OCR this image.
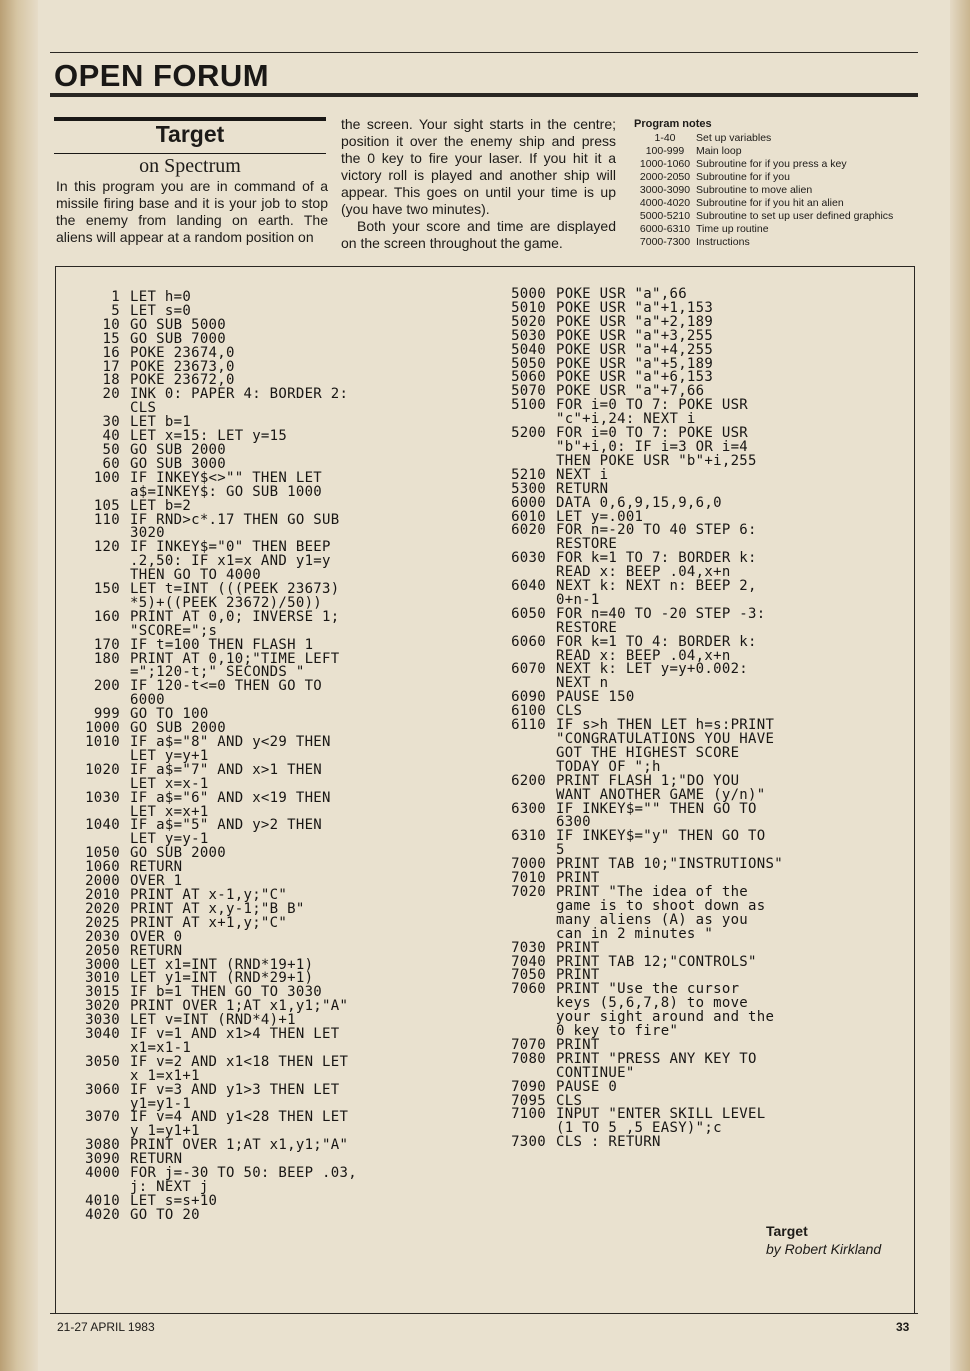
OPEN FORUM
Target
on Spectrum

In this program you are in command of a missile firing base and it is your job to stop the enemy from landing on earth. The aliens will appear at a random position on

the screen. Your sight starts in the centre; position it over the enemy ship and press the 0 key to fire your laser. If you hit it a victory roll is played and another ship will appear. This goes on until your time is up (you have two minutes).

Both your score and time are displayed on the screen throughout the game.

Program notes
1-40	Set up variables
100-999	Main loop
1000-1060 Subroutine for if you press a key
2000-2050 Subroutine for if you
3000-3090 Subroutine to move alien
4000-4020 Subroutine for if you hit an alien
5000-5210 Subroutine to set up user defined graphics
6000-6310 Time up routine
7000-7300 Instructions
1 LET h=0
5 LET s=0
10 GO SUB 5000
15 GO SUB 7000
16 POKE 23674,0
17 POKE 23673,0
18 POKE 23672,0
20 INK 0: PAPER 4: BORDER 2:
CLS
30 LET b=1
40 LET x=15: LET y=15
50 GO SUB 2000
60 GO SUB 3000
100 IF INKEY$<>"" THEN LET
a$=INKEY$: GO SUB 1000
105 LET b=2
110 IF RND>c*.17 THEN GO SUB
3020
120 IF INKEY$="0" THEN BEEP
.2,50: IF x1=x AND y1=y
THEN GO TO 4000
150 LET t=INT (((PEEK 23673)
*5)+((PEEK 23672)/50))
160 PRINT AT 0,0; INVERSE 1;
"SCORE=";s
170 IF t=100 THEN FLASH 1
180 PRINT AT 0,10;"TIME LEFT
=";120-t;" SECONDS "
200 IF 120-t<=0 THEN GO TO
6000
999 GO TO 100
1000 GO SUB 2000
1010 IF a$="8" AND y<29 THEN
LET y=y+1
1020 IF a$="7" AND x>1 THEN
LET x=x-1
1030 IF a$="6" AND x<19 THEN
LET x=x+1
1040 IF a$="5" AND y>2 THEN
LET y=y-1
1050 GO SUB 2000
1060 RETURN
2000 OVER 1
2010 PRINT AT x-1,y;"C"
2020 PRINT AT x,y-1;"B B"
2025 PRINT AT x+1,y;"C"
2030 OVER 0
2050 RETURN
3000 LET x1=INT (RND*19+1)
3010 LET y1=INT (RND*29+1)
3015 IF b=1 THEN GO TO 3030
3020 PRINT OVER 1;AT x1,y1;"A"
3030 LET v=INT (RND*4)+1
3040 IF v=1 AND x1>4 THEN LET
x1=x1-1
3050 IF v=2 AND x1<18 THEN LET
x 1=x1+1
3060 IF v=3 AND y1>3 THEN LET
y1=y1-1
3070 IF v=4 AND y1<28 THEN LET
y 1=y1+1
3080 PRINT OVER 1;AT x1,y1;"A"
3090 RETURN
4000 FOR j=-30 TO 50: BEEP .03,
j: NEXT j
4010 LET s=s+10
4020 GO TO 20
5000 POKE USR "a",66
5010 POKE USR "a"+1,153
5020 POKE USR "a"+2,189
5030 POKE USR "a"+3,255
5040 POKE USR "a"+4,255
5050 POKE USR "a"+5,189
5060 POKE USR "a"+6,153
5070 POKE USR "a"+7,66
5100 FOR i=0 TO 7: POKE USR
"c"+i,24: NEXT i
5200 FOR i=0 TO 7: POKE USR
"b"+i,0: IF i=3 OR i=4
THEN POKE USR "b"+i,255
5210 NEXT i
5300 RETURN
6000 DATA 0,6,9,15,9,6,0
6010 LET y=.001
6020 FOR n=-20 TO 40 STEP 6:
RESTORE
6030 FOR k=1 TO 7: BORDER k:
READ x: BEEP .04,x+n
6040 NEXT k: NEXT n: BEEP 2,
0+n-1
6050 FOR n=40 TO -20 STEP -3:
RESTORE
6060 FOR k=1 TO 4: BORDER k:
READ x: BEEP .04,x+n
6070 NEXT k: LET y=y+0.002:
NEXT n
6090 PAUSE 150
6100 CLS
6110 IF s>h THEN LET h=s:PRINT
"CONGRATULATIONS YOU HAVE
GOT THE HIGHEST SCORE
TODAY OF ";h
6200 PRINT FLASH 1;"DO YOU
WANT ANOTHER GAME (y/n)"
6300 IF INKEY$="" THEN GO TO
6300
6310 IF INKEY$="y" THEN GO TO
5
7000 PRINT TAB 10;"INSTRUTIONS"
7010 PRINT
7020 PRINT "The idea of the
game is to shoot down as
many aliens (A) as you
can in 2 minutes "
7030 PRINT
7040 PRINT TAB 12;"CONTROLS"
7050 PRINT
7060 PRINT "Use the cursor
keys (5,6,7,8) to move
your sight around and the
0 key to fire"
7070 PRINT
7080 PRINT "PRESS ANY KEY TO
CONTINUE"
7090 PAUSE 0
7095 CLS
7100 INPUT "ENTER SKILL LEVEL
(1 TO 5 ,5 EASY)";c
7300 CLS : RETURN
Target
by Robert Kirkland
21-27 APRIL 1983	33
